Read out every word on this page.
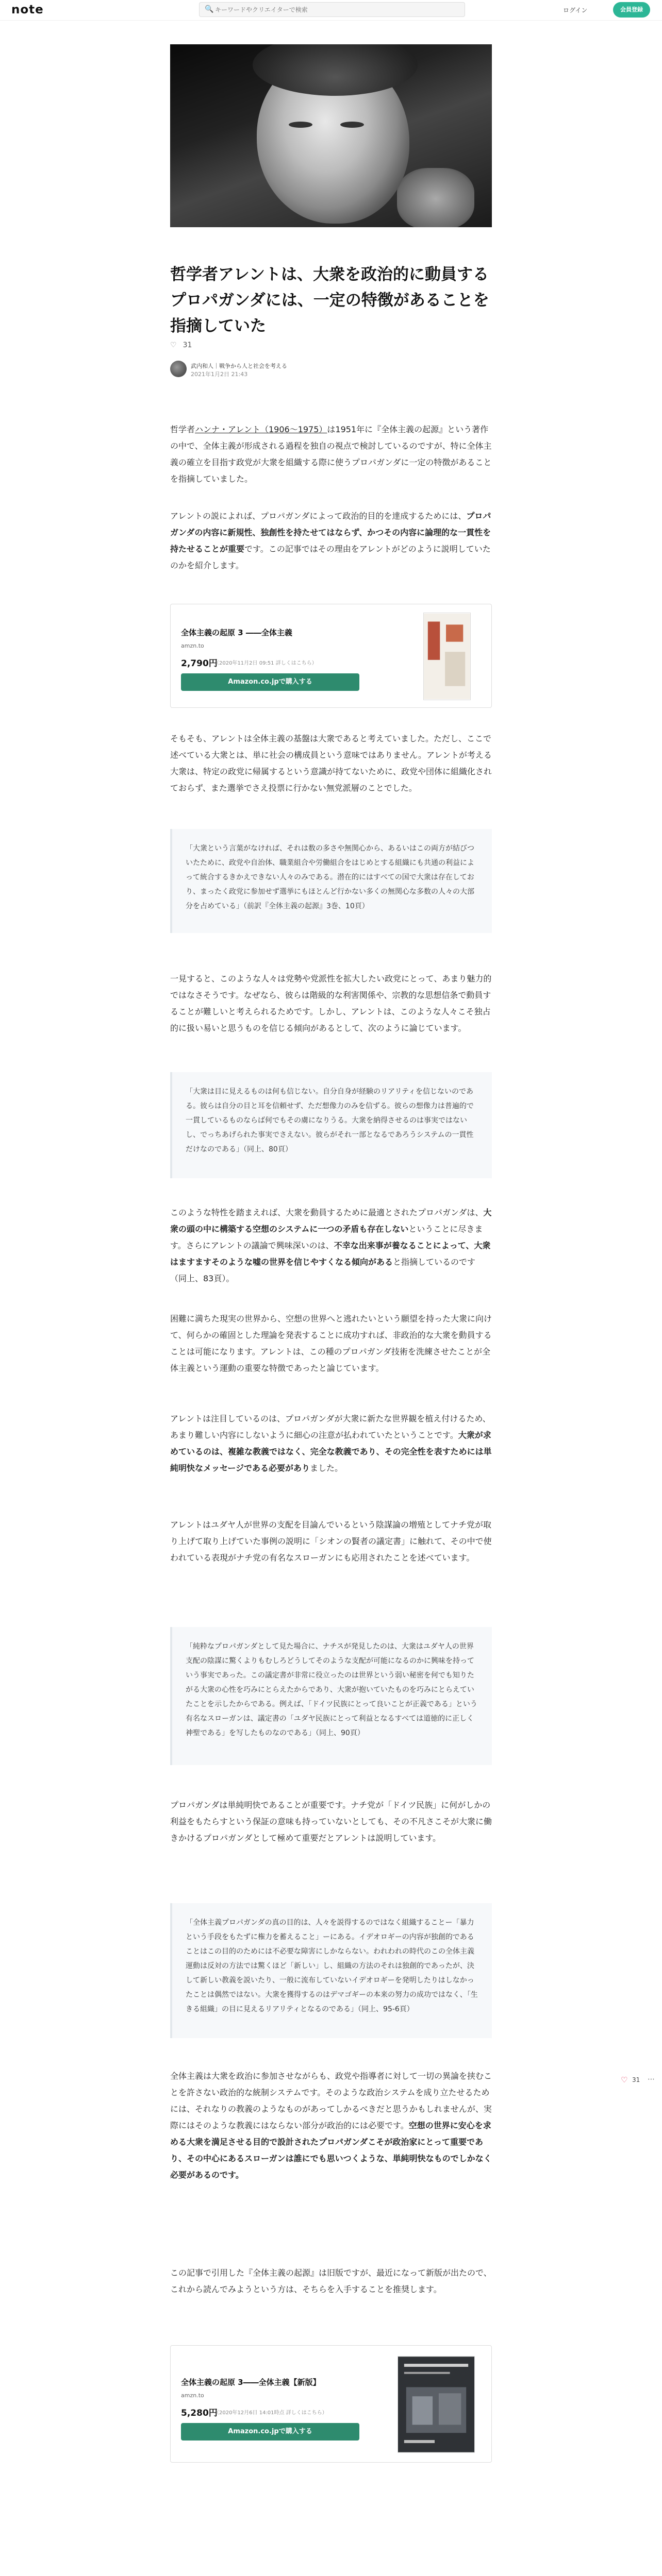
note	🔍
キーワードやクリエイターで検索	ログイン	会員登録
哲学者アレントは、大衆を政治的に動員するプロパガンダには、一定の特徴があることを指摘していた
♡ 31
武内和人｜戦争から人と社会を考える
2021年1月2日 21:43
哲学者ハンナ・アレント（1906〜1975）は1951年に『全体主義の起源』という著作の中で、全体主義が形成される過程を独自の視点で検討しているのですが、特に全体主義の確立を目指す政党が大衆を組織する際に使うプロパガンダに一定の特徴があることを指摘していました。
アレントの説によれば、プロパガンダによって政治的目的を達成するためには、プロパガンダの内容に新規性、独創性を持たせてはならず、かつその内容に論理的な一貫性を持たせることが重要です。この記事ではその理由をアレントがどのように説明していたのかを紹介します。
全体主義の起原 3 ――全体主義
amzn.to
2,790円
（2020年11月2日 09:51 詳しくはこちら）
Amazon.co.jpで購入する
そもそも、アレントは全体主義の基盤は大衆であると考えていました。ただし、ここで述べている大衆とは、単に社会の構成員という意味ではありません。アレントが考える大衆は、特定の政党に帰属するという意識が持てないために、政党や団体に組織化されておらず、また選挙でさえ投票に行かない無党派層のことでした。
「大衆という言葉がなければ、それは数の多さや無関心から、あるいはこの両方が結びついたために、政党や自治体、職業組合や労働組合をはじめとする組織にも共通の利益によって統合するきかえできない人々のみである。潜在的にはすべての国で大衆は存在しており、まったく政党に参加せず選挙にもほとんど行かない多くの無関心な多数の人々の大部分を占めている」（前訳『全体主義の起源』3巻、10頁）
一見すると、このような人々は党勢や党派性を拡大したい政党にとって、あまり魅力的ではなさそうです。なぜなら、彼らは階級的な利害関係や、宗教的な思想信条で動員することが難しいと考えられるためです。しかし、アレントは、このような人々こそ独占的に扱い易いと思うものを信じる傾向があるとして、次のように論じています。
「大衆は目に見えるものは何も信じない。自分自身が経験のリアリティを信じないのである。彼らは自分の目と耳を信頼せず、ただ想像力のみを信ずる。彼らの想像力は普遍的で一貫しているものならば何でもその虜になりうる。大衆を納得させるのは事実ではないし、でっちあげられた事実でさえない。彼らがそれ一部となるであろうシステムの一貫性だけなのである」（同上、80頁）
このような特性を踏まえれば、大衆を動員するために最適とされたプロパガンダは、大衆の頭の中に構築する空想のシステムに一つの矛盾も存在しないということに尽きます。さらにアレントの議論で興味深いのは、不幸な出来事が養なることによって、大衆はますますそのような嘘の世界を信じやすくなる傾向があると指摘しているのです（同上、83頁）。
困難に満ちた現実の世界から、空想の世界へと逃れたいという願望を持った大衆に向けて、何らかの確固とした理論を発表することに成功すれば、非政治的な大衆を動員することは可能になります。アレントは、この種のプロパガンダ技術を洗練させたことが全体主義という運動の重要な特徴であったと論じています。
アレントは注目しているのは、プロパガンダが大衆に新たな世界観を植え付けるため、あまり難しい内容にしないように細心の注意が払われていたということです。大衆が求めているのは、複雑な教義ではなく、完全な教義であり、その完全性を表すためには単純明快なメッセージである必要がありました。
アレントはユダヤ人が世界の支配を目論んでいるという陰謀論の増殖としてナチ党が取り上げて取り上げていた事例の説明に「シオンの賢者の議定書」に触れて、その中で使われている表現がナチ党の有名なスローガンにも応用されたことを述べています。
「純粋なプロパガンダとして見た場合に、ナチスが発見したのは、大衆はユダヤ人の世界支配の陰謀に驚くよりもむしろどうしてそのような支配が可能になるのかに興味を持っていう事実であった。この議定書が非常に役立ったのは世界という弱い秘密を何でも知りたがる大衆の心性を巧みにとらえたからであり、大衆が抱いていたものを巧みにとらえていたことを示したからである。例えば、「ドイツ民族にとって良いことが正義である」という有名なスローガンは、議定書の「ユダヤ民族にとって利益となるすべては道徳的に正しく神聖である」を写したものなのである」（同上、90頁）
プロパガンダは単純明快であることが重要です。ナチ党が「ドイツ民族」に何がしかの利益をもたらすという保証の意味も持っていないとしても、その不凡さこそが大衆に働きかけるプロパガンダとして極めて重要だとアレントは説明しています。
「全体主義プロパガンダの真の目的は、人々を説得するのではなく組織することー「暴力という手段をもたずに権力を蓄えること」ーにある。イデオロギーの内容が独創的であることはこの目的のためには不必要な障害にしかならない。われわれの時代のこの全体主義運動は反対の方法では驚くほど「新しい」し、組織の方法のそれは独創的であったが、決して新しい教義を説いたり、一般に流布していないイデオロギーを発明したりはしなかったことは偶然ではない。大衆を獲得するのはデマゴギーの本来の努力の成功ではなく、「生きる組織」の目に見えるリアリティとなるのである」（同上、95-6頁）
全体主義は大衆を政治に参加させながらも、政党や指導者に対して一切の異論を挟むことを許さない政治的な統制システムです。そのような政治システムを成り立たせるためには、それなりの教義のようなものがあってしかるべきだと思うかもしれませんが、実際にはそのような教義にはならない部分が政治的には必要です。空想の世界に安心を求める大衆を満足させる目的で設計されたプロパガンダこそが政治家にとって重要であり、その中心にあるスローガンは誰にでも思いつくような、単純明快なものでしかなく必要があるのです。
この記事で引用した『全体主義の起源』は旧版ですが、最近になって新版が出たので、これから読んでみようという方は、そちらを入手することを推奨します。
全体主義の起原 3――全体主義【新版】
amzn.to
5,280円
（2020年12月6日 14:01時点 詳しくはこちら）
Amazon.co.jpで購入する
♡ 31 ⋯
